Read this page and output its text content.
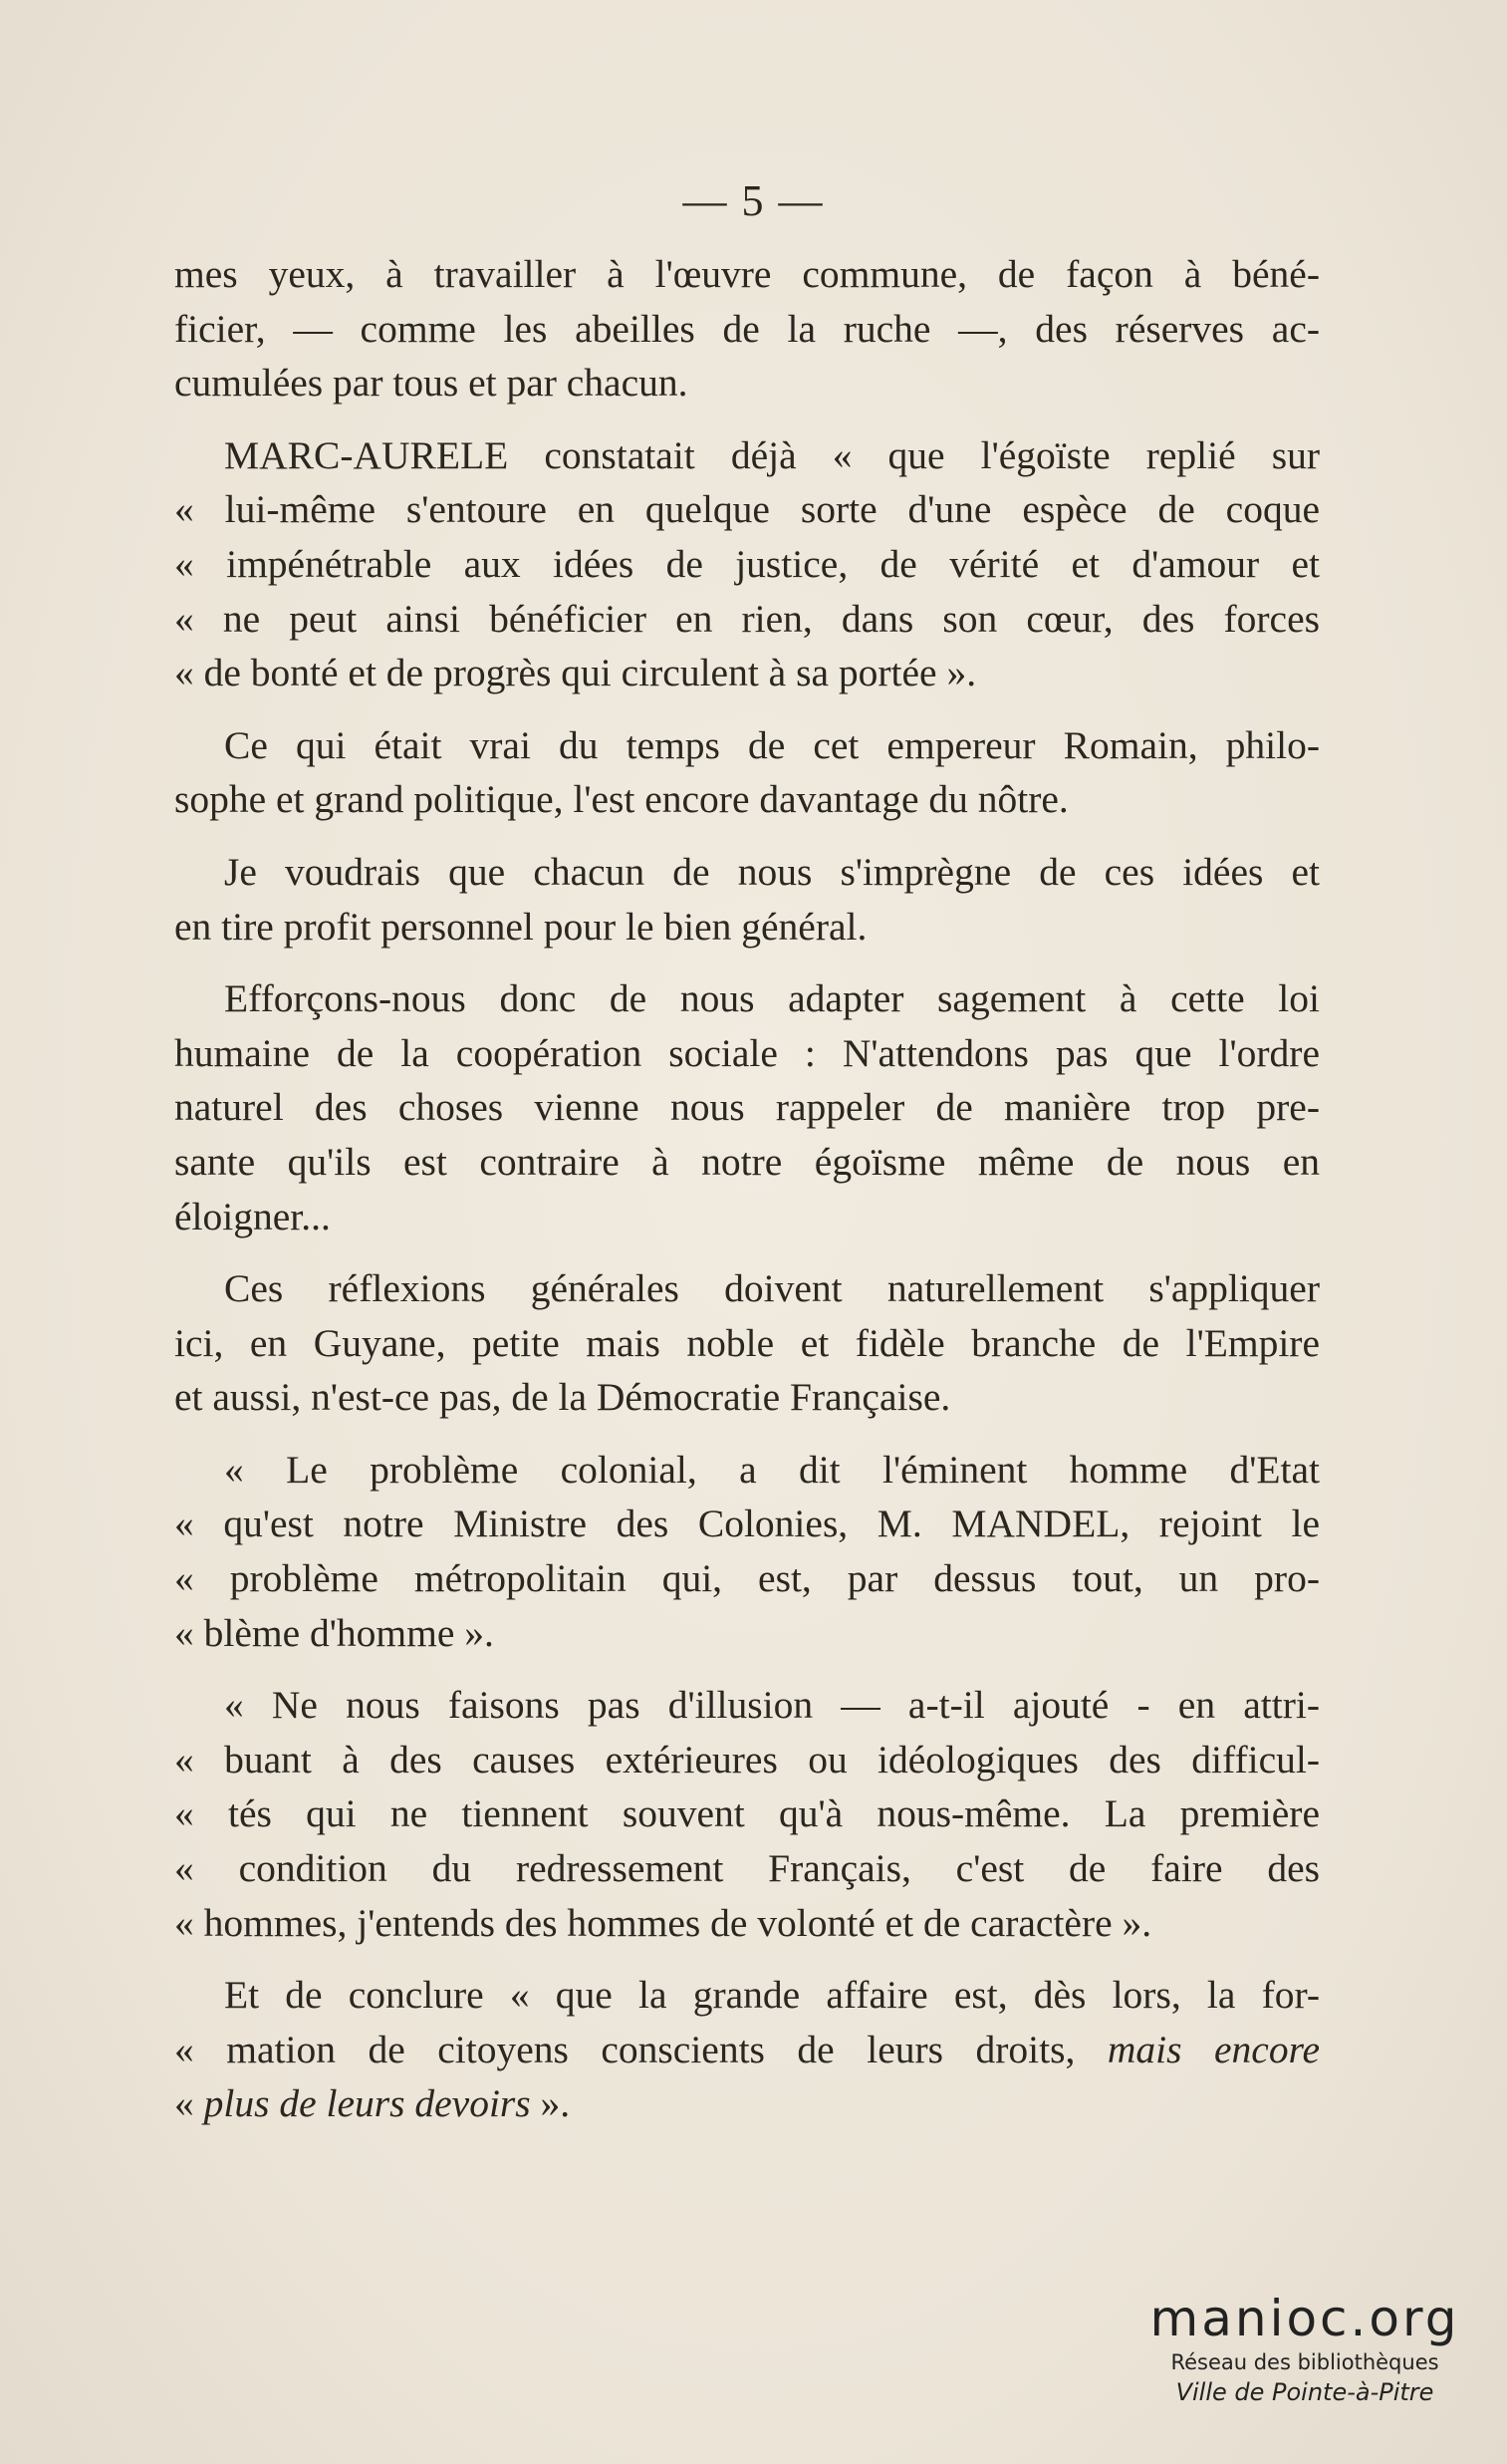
— 5 —
mes yeux, à travailler à l'œuvre commune, de façon à béné-
ficier, — comme les abeilles de la ruche —, des réserves ac-
cumulées par tous et par chacun.
MARC-AURELE constatait déjà « que l'égoïste replié sur
« lui-même s'entoure en quelque sorte d'une espèce de coque
« impénétrable aux idées de justice, de vérité et d'amour et
« ne peut ainsi bénéficier en rien, dans son cœur, des forces
« de bonté et de progrès qui circulent à sa portée ».
Ce qui était vrai du temps de cet empereur Romain, philo-
sophe et grand politique, l'est encore davantage du nôtre.
Je voudrais que chacun de nous s'imprègne de ces idées et
en tire profit personnel pour le bien général.
Efforçons-nous donc de nous adapter sagement à cette loi
humaine de la coopération sociale : N'attendons pas que l'ordre
naturel des choses vienne nous rappeler de manière trop pre-
sante qu'ils est contraire à notre égoïsme même de nous en
éloigner...
Ces réflexions générales doivent naturellement s'appliquer
ici, en Guyane, petite mais noble et fidèle branche de l'Empire
et aussi, n'est-ce pas, de la Démocratie Française.
« Le problème colonial, a dit l'éminent homme d'Etat
« qu'est notre Ministre des Colonies, M. MANDEL, rejoint le
« problème métropolitain qui, est, par dessus tout, un pro-
« blème d'homme ».
« Ne nous faisons pas d'illusion — a-t-il ajouté - en attri-
« buant à des causes extérieures ou idéologiques des difficul-
« tés qui ne tiennent souvent qu'à nous-même. La première
« condition du redressement Français, c'est de faire des
« hommes, j'entends des hommes de volonté et de caractère ».
Et de conclure « que la grande affaire est, dès lors, la for-
« mation de citoyens conscients de leurs droits, mais encore
« plus de leurs devoirs ».
manioc.org
Réseau des bibliothèques
Ville de Pointe-à-Pitre
